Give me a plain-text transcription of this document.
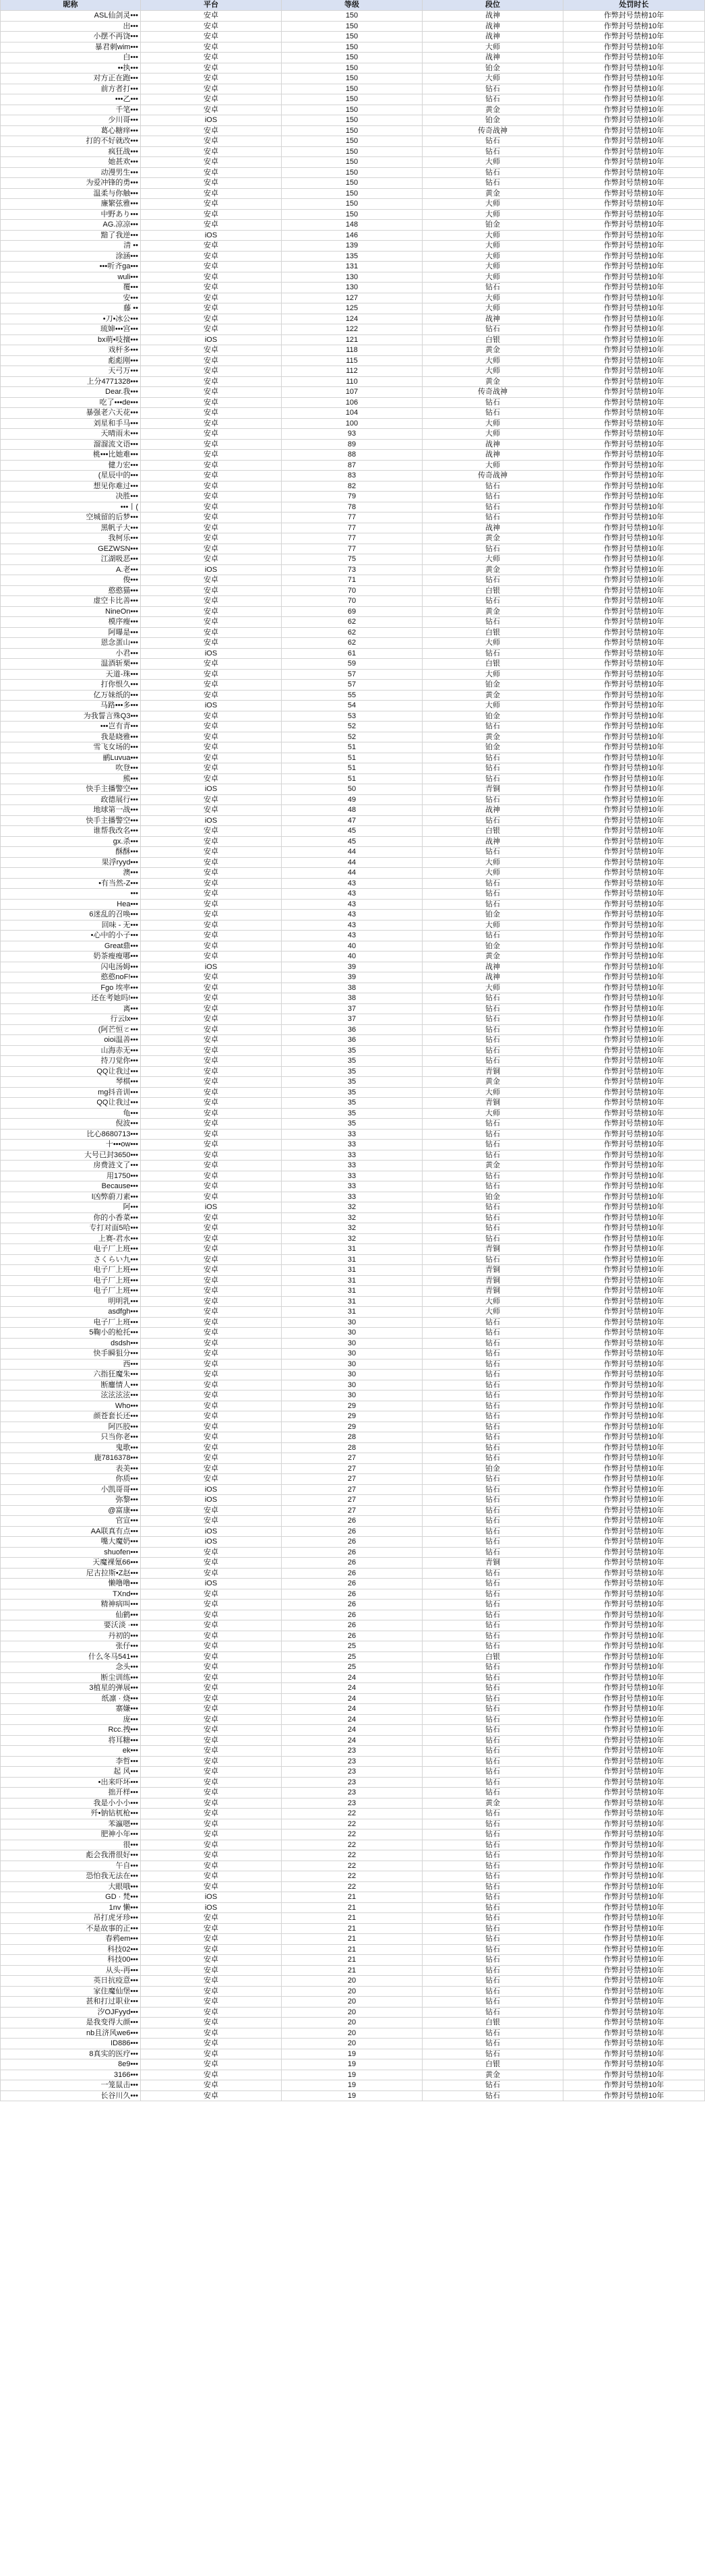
昵称	平台	等级	段位	处罚时长
ASL仙剑灵•••	安卓	150	战神	作弊封号禁榜10年
出•••	安卓	150	战神	作弊封号禁榜10年
小摆不再饶•••	安卓	150	战神	作弊封号禁榜10年
暴君刺wim•••	安卓	150	大师	作弊封号禁榜10年
白•••	安卓	150	战神	作弊封号禁榜10年
••执•••	安卓	150	铂金	作弊封号禁榜10年
对方正在跑•••	安卓	150	大师	作弊封号禁榜10年
前方者打•••	安卓	150	钻石	作弊封号禁榜10年
•••乙•••	安卓	150	钻石	作弊封号禁榜10年
千笔•••	安卓	150	黄金	作弊封号禁榜10年
少川哥•••	iOS	150	铂金	作弊封号禁榜10年
葛心糖痒•••	安卓	150	传奇战神	作弊封号禁榜10年
打的不好就改•••	安卓	150	钻石	作弊封号禁榜10年
疯狂战•••	安卓	150	钻石	作弊封号禁榜10年
她甚欢•••	安卓	150	大师	作弊封号禁榜10年
动漫男生•••	安卓	150	钻石	作弊封号禁榜10年
为爱冲锋的勇•••	安卓	150	钻石	作弊封号禁榜10年
温柔与你触•••	安卓	150	黄金	作弊封号禁榜10年
廉繁弦雅•••	安卓	150	大师	作弊封号禁榜10年
中野あり•••	安卓	150	大师	作弊封号禁榜10年
AG.凉凉•••	安卓	148	铂金	作弊封号禁榜10年
黯了我逆•••	iOS	146	大师	作弊封号禁榜10年
清 ••	安卓	139	大师	作弊封号禁榜10年
涂涵•••	安卓	135	大师	作弊封号禁榜10年
•••听齐ga•••	安卓	131	大师	作弊封号禁榜10年
wuli•••	安卓	130	大师	作弊封号禁榜10年
覆•••	安卓	130	钻石	作弊封号禁榜10年
安•••	安卓	127	大师	作弊封号禁榜10年
藤 ••	安卓	125	大师	作弊封号禁榜10年
•刀•冰公•••	安卓	124	战神	作弊封号禁榜10年
琉婶•••宫•••	安卓	122	钻石	作弊封号禁榜10年
bx萌•吱擅•••	iOS	121	白银	作弊封号禁榜10年
戏杆多•••	安卓	118	黄金	作弊封号禁榜10年
彪彪刚•••	安卓	115	大师	作弊封号禁榜10年
天弓万•••	安卓	112	大师	作弊封号禁榜10年
上分4771328•••	安卓	110	黄金	作弊封号禁榜10年
Dear.我•••	安卓	107	传奇战神	作弊封号禁榜10年
吃了•••de•••	安卓	106	钻石	作弊封号禁榜10年
暴强老六天花•••	安卓	104	钻石	作弊封号禁榜10年
刘星和手马•••	安卓	100	大师	作弊封号禁榜10年
天晴雨未•••	安卓	93	大师	作弊封号禁榜10年
溜溜流文语•••	安卓	89	战神	作弊封号禁榜10年
桃•••比她难•••	安卓	88	战神	作弊封号禁榜10年
健力宏•••	安卓	87	大师	作弊封号禁榜10年
(星辰中的•••	安卓	83	传奇战神	作弊封号禁榜10年
想见你难过•••	安卓	82	钻石	作弊封号禁榜10年
决胜•••	安卓	79	钻石	作弊封号禁榜10年
•••丨(	安卓	78	钻石	作弊封号禁榜10年
空城留的后梦•••	安卓	77	钻石	作弊封号禁榜10年
黑帆子大•••	安卓	77	战神	作弊封号禁榜10年
我柯乐•••	安卓	77	黄金	作弊封号禁榜10年
GEZWSN•••	安卓	77	钻石	作弊封号禁榜10年
江湖吸恶•••	安卓	75	大师	作弊封号禁榜10年
A.老•••	iOS	73	黄金	作弊封号禁榜10年
俊•••	安卓	71	钻石	作弊封号禁榜10年
憨憨猫•••	安卓	70	白银	作弊封号禁榜10年
虚空卡比善•••	安卓	70	钻石	作弊封号禁榜10年
NineOn•••	安卓	69	黄金	作弊封号禁榜10年
模序瘦•••	安卓	62	钻石	作弊封号禁榜10年
阿曝是•••	安卓	62	白银	作弊封号禁榜10年
恩念蛋山•••	安卓	62	大师	作弊封号禁榜10年
小君•••	iOS	61	钻石	作弊封号禁榜10年
温酒斩栗•••	安卓	59	白银	作弊封号禁榜10年
天道-珠•••	安卓	57	大师	作弊封号禁榜10年
打你恨久•••	安卓	57	铂金	作弊封号禁榜10年
亿万妹纸的•••	安卓	55	黄金	作弊封号禁榜10年
马路•••多•••	iOS	54	大师	作弊封号禁榜10年
为我誓言殊Q3•••	安卓	53	铂金	作弊封号禁榜10年
•••岂有青•••	安卓	52	钻石	作弊封号禁榜10年
我是晓雅•••	安卓	52	黄金	作弊封号禁榜10年
雪飞女场的•••	安卓	51	铂金	作弊封号禁榜10年
鹂Luvua•••	安卓	51	钻石	作弊封号禁榜10年
吹登•••	安卓	51	钻石	作弊封号禁榜10年
熊•••	安卓	51	钻石	作弊封号禁榜10年
快手主播警空•••	iOS	50	青铜	作弊封号禁榜10年
政德展行•••	安卓	49	钻石	作弊封号禁榜10年
地球第一战•••	安卓	48	战神	作弊封号禁榜10年
快手主播警空•••	iOS	47	钻石	作弊封号禁榜10年
谁帮我改名•••	安卓	45	白银	作弊封号禁榜10年
gx.杀•••	安卓	45	战神	作弊封号禁榜10年
酥酥•••	安卓	44	钻石	作弊封号禁榜10年
果浮ryyd•••	安卓	44	大师	作弊封号禁榜10年
澳•••	安卓	44	大师	作弊封号禁榜10年
•有当然-Z•••	安卓	43	钻石	作弊封号禁榜10年
•••	安卓	43	钻石	作弊封号禁榜10年
Hea•••	安卓	43	钻石	作弊封号禁榜10年
6迷乱的召唤•••	安卓	43	铂金	作弊封号禁榜10年
回味 - 无•••	安卓	43	大师	作弊封号禁榜10年
•心中的小子•••	安卓	43	钻石	作弊封号禁榜10年
Great鼎•••	安卓	40	铂金	作弊封号禁榜10年
奶茶瘦瘦哪•••	安卓	40	黄金	作弊封号禁榜10年
闪电汤姆•••	iOS	39	战神	作弊封号禁榜10年
憨憨noF!•••	安卓	39	战神	作弊封号禁榜10年
Fgo 埃率•••	安卓	38	大师	作弊封号禁榜10年
还在考她吗!•••	安卓	38	钻石	作弊封号禁榜10年
离•••	安卓	37	钻石	作弊封号禁榜10年
行云lx•••	安卓	37	钻石	作弊封号禁榜10年
(阿芒恒ㄛ•••	安卓	36	钻石	作弊封号禁榜10年
oioi温善•••	安卓	36	钻石	作弊封号禁榜10年
山海赤无•••	安卓	35	钻石	作弊封号禁榜10年
持刀觉你•••	安卓	35	钻石	作弊封号禁榜10年
QQ让我过•••	安卓	35	青铜	作弊封号禁榜10年
琴棋•••	安卓	35	黄金	作弊封号禁榜10年
mg抖音训•••	安卓	35	大师	作弊封号禁榜10年
QQ让我过•••	安卓	35	青铜	作弊封号禁榜10年
龟•••	安卓	35	大师	作弊封号禁榜10年
倪波•••	安卓	35	钻石	作弊封号禁榜10年
比心8680713•••	安卓	33	钻石	作弊封号禁榜10年
十•••ow•••	安卓	33	钻石	作弊封号禁榜10年
大号已封3650•••	安卓	33	钻石	作弊封号禁榜10年
房费涟文了•••	安卓	33	黄金	作弊封号禁榜10年
用1750•••	安卓	33	钻石	作弊封号禁榜10年
Because•••	安卓	33	钻石	作弊封号禁榜10年
l凶弊蔚刀素•••	安卓	33	铂金	作弊封号禁榜10年
阿•••	iOS	32	钻石	作弊封号禁榜10年
你的小香菜•••	安卓	32	钻石	作弊封号禁榜10年
专打对面5哈•••	安卓	32	钻石	作弊封号禁榜10年
上赛-君水•••	安卓	32	钻石	作弊封号禁榜10年
电子厂上班•••	安卓	31	青铜	作弊封号禁榜10年
さくらい九•••	安卓	31	钻石	作弊封号禁榜10年
电子厂上班•••	安卓	31	青铜	作弊封号禁榜10年
电子厂上班•••	安卓	31	青铜	作弊封号禁榜10年
电子厂上班•••	安卓	31	青铜	作弊封号禁榜10年
明明乳•••	安卓	31	大师	作弊封号禁榜10年
asdfgh•••	安卓	31	大师	作弊封号禁榜10年
电子厂上班•••	安卓	30	钻石	作弊封号禁榜10年
5鞠小的枪托•••	安卓	30	钻石	作弊封号禁榜10年
dsdsh•••	安卓	30	钻石	作弊封号禁榜10年
快手瞬狙分•••	安卓	30	钻石	作弊封号禁榜10年
西•••	安卓	30	钻石	作弊封号禁榜10年
六指狂魔朱•••	安卓	30	钻石	作弊封号禁榜10年
断鏖情人•••	安卓	30	钻石	作弊封号禁榜10年
泫泫泫泫•••	安卓	30	钻石	作弊封号禁榜10年
Who•••	安卓	29	钻石	作弊封号禁榜10年
颜苍套长还•••	安卓	29	钻石	作弊封号禁榜10年
阿匹胶•••	安卓	29	钻石	作弊封号禁榜10年
只当你老•••	安卓	28	钻石	作弊封号禁榜10年
鬼歌•••	安卓	28	钻石	作弊封号禁榜10年
鹿7816378•••	安卓	27	钻石	作弊封号禁榜10年
表美•••	安卓	27	铂金	作弊封号禁榜10年
你质•••	安卓	27	钻石	作弊封号禁榜10年
小凯哥哥•••	iOS	27	钻石	作弊封号禁榜10年
弥黎•••	iOS	27	钻石	作弊封号禁榜10年
@富康•••	安卓	27	钻石	作弊封号禁榜10年
官宣•••	安卓	26	钻石	作弊封号禁榜10年
AA联真有点•••	iOS	26	钻石	作弊封号禁榜10年
嘴大魔奶•••	iOS	26	钻石	作弊封号禁榜10年
shuofen•••	安卓	26	钻石	作弊封号禁榜10年
天魔裸氪66•••	安卓	26	青铜	作弊封号禁榜10年
尼古拉斯•Z赵•••	安卓	26	钻石	作弊封号禁榜10年
懒噜噜•••	iOS	26	钻石	作弊封号禁榜10年
TXnd•••	安卓	26	钻石	作弊封号禁榜10年
精神病叫•••	安卓	26	钻石	作弊封号禁榜10年
仙鹤•••	安卓	26	钻石	作弊封号禁榜10年
要沃淡 ·•••	安卓	26	钻石	作弊封号禁榜10年
丹初的•••	安卓	26	钻石	作弊封号禁榜10年
张仔•••	安卓	25	钻石	作弊封号禁榜10年
什么冬马541•••	安卓	25	白银	作弊封号禁榜10年
念头•••	安卓	25	钻石	作弊封号禁榜10年
断尘训练•••	安卓	24	钻石	作弊封号禁榜10年
3植星的弹展•••	安卓	24	钻石	作弊封号禁榜10年
纸凛 · 烧•••	安卓	24	钻石	作弊封号禁榜10年
寨嫌•••	安卓	24	钻石	作弊封号禁榜10年
庞•••	安卓	24	钻石	作弊封号禁榜10年
Rcc.拽•••	安卓	24	钻石	作弊封号禁榜10年
将耳糖•••	安卓	24	钻石	作弊封号禁榜10年
ek•••	安卓	23	钻石	作弊封号禁榜10年
李哲•••	安卓	23	钻石	作弊封号禁榜10年
起 风•••	安卓	23	钻石	作弊封号禁榜10年
•出来吓坏•••	安卓	23	钻石	作弊封号禁榜10年
拙开样•••	安卓	23	钻石	作弊封号禁榜10年
我是小小小•••	安卓	23	黄金	作弊封号禁榜10年
歼•钠钻杌枪•••	安卓	22	钻石	作弊封号禁榜10年
苯瀛嗯•••	安卓	22	钻石	作弊封号禁榜10年
肥神小年•••	安卓	22	钻石	作弊封号禁榜10年
很•••	安卓	22	钻石	作弊封号禁榜10年
彪会我滑很好•••	安卓	22	钻石	作弊封号禁榜10年
午自•••	安卓	22	钻石	作弊封号禁榜10年
恐怕我无法在•••	安卓	22	钻石	作弊封号禁榜10年
大眼哦•••	安卓	22	钻石	作弊封号禁榜10年
GD · 梵•••	iOS	21	钻石	作弊封号禁榜10年
1nv 懒•••	iOS	21	钻石	作弊封号禁榜10年
吊打虎牙珍•••	安卓	21	钻石	作弊封号禁榜10年
不是故事的正•••	安卓	21	钻石	作弊封号禁榜10年
春鸦em•••	安卓	21	钻石	作弊封号禁榜10年
科技02•••	安卓	21	钻石	作弊封号禁榜10年
科技00•••	安卓	21	钻石	作弊封号禁榜10年
从头-再•••	安卓	21	钻石	作弊封号禁榜10年
英日抗疫意•••	安卓	20	钻石	作弊封号禁榜10年
家住魔仙堡•••	安卓	20	钻石	作弊封号禁榜10年
甚和打过职业•••	安卓	20	钻石	作弊封号禁榜10年
汐OJFyyd•••	安卓	20	钻石	作弊封号禁榜10年
是我变得大颜•••	安卓	20	白银	作弊封号禁榜10年
nb且济风we6•••	安卓	20	钻石	作弊封号禁榜10年
ID886•••	安卓	20	钻石	作弊封号禁榜10年
8真实的医疗•••	安卓	19	钻石	作弊封号禁榜10年
8e9•••	安卓	19	白银	作弊封号禁榜10年
3166•••	安卓	19	黄金	作弊封号禁榜10年
一笼鼠击•••	安卓	19	钻石	作弊封号禁榜10年
长谷川久•••	安卓	19	钻石	作弊封号禁榜10年
